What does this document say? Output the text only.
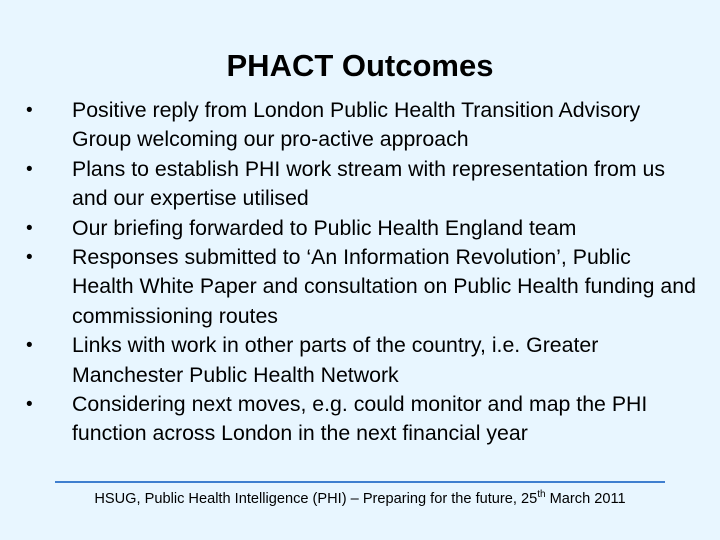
PHACT Outcomes
•	Positive reply from London Public Health Transition Advisory Group welcoming our pro-active approach
•	Plans to establish PHI work stream with representation from us and our expertise utilised
•	Our briefing forwarded to Public Health England team
•	Responses submitted to ‘An Information Revolution’, Public Health White Paper and consultation on Public Health funding and commissioning routes
•	Links with work in other parts of the country, i.e. Greater Manchester Public Health Network
•	Considering next moves, e.g. could monitor and map the PHI function across London in the next financial year

HSUG, Public Health Intelligence (PHI) – Preparing for the future, 25th March 2011
